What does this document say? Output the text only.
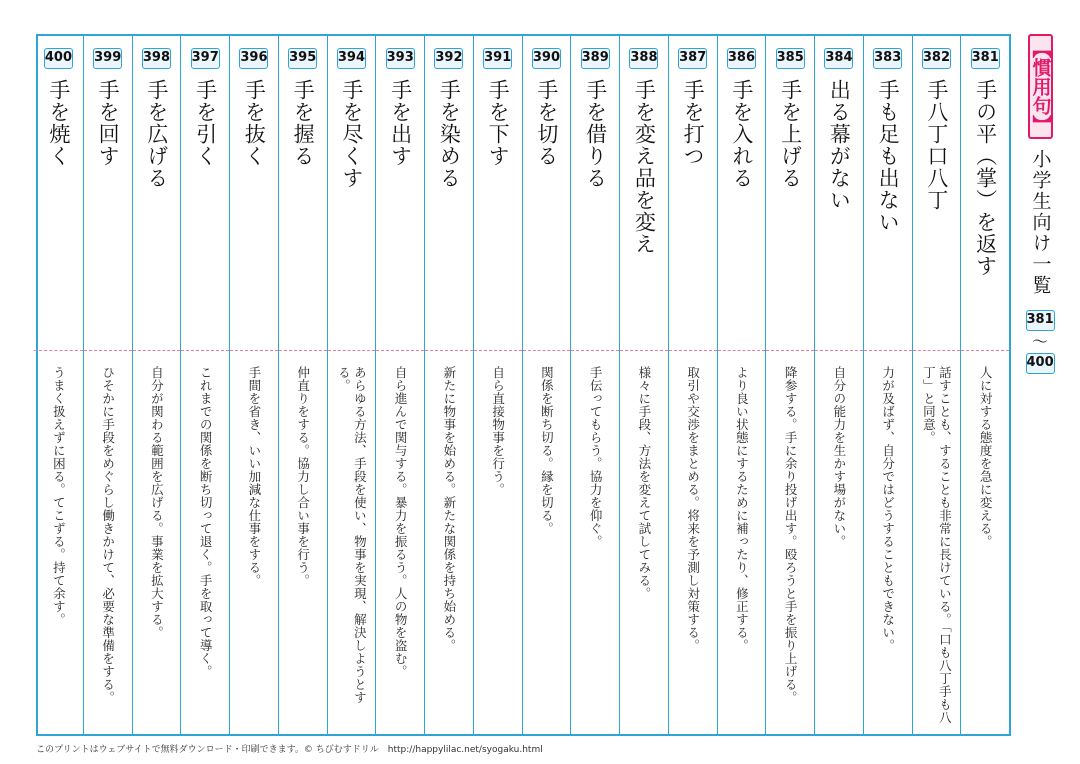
381
手の平（掌）を返す
人に対する態度を急に変える。
382
手八丁口八丁
話すことも、することも非常に長けている。「口も八丁手も八丁」と同意。
383
手も足も出ない
力が及ばず、自分ではどうすることもできない。
384
出る幕がない
自分の能力を生かす場がない。
385
手を上げる
降参する。手に余り投げ出す。殴ろうと手を振り上げる。
386
手を入れる
より良い状態にするために補ったり、修正する。
387
手を打つ
取引や交渉をまとめる。将来を予測し対策する。
388
手を変え品を変え
様々に手段、方法を変えて試してみる。
389
手を借りる
手伝ってもらう。協力を仰ぐ。
390
手を切る
関係を断ち切る。縁を切る。
391
手を下す
自ら直接物事を行う。
392
手を染める
新たに物事を始める。新たな関係を持ち始める。
393
手を出す
自ら進んで関与する。暴力を振るう。人の物を盗む。
394
手を尽くす
あらゆる方法、手段を使い、物事を実現、解決しようとする。
395
手を握る
仲直りをする。協力し合い事を行う。
396
手を抜く
手間を省き、いい加減な仕事をする。
397
手を引く
これまでの関係を断ち切って退く。手を取って導く。
398
手を広げる
自分が関わる範囲を広げる。事業を拡大する。
399
手を回す
ひそかに手段をめぐらし働きかけて、必要な準備をする。
400
手を焼く
うまく扱えずに困る。てこずる。持て余す。
【慣用句】
小学生向け一覧
381
～
400
このプリントはウェブサイトで無料ダウンロード・印刷できます。© ちびむすドリル　http://happylilac.net/syogaku.html
